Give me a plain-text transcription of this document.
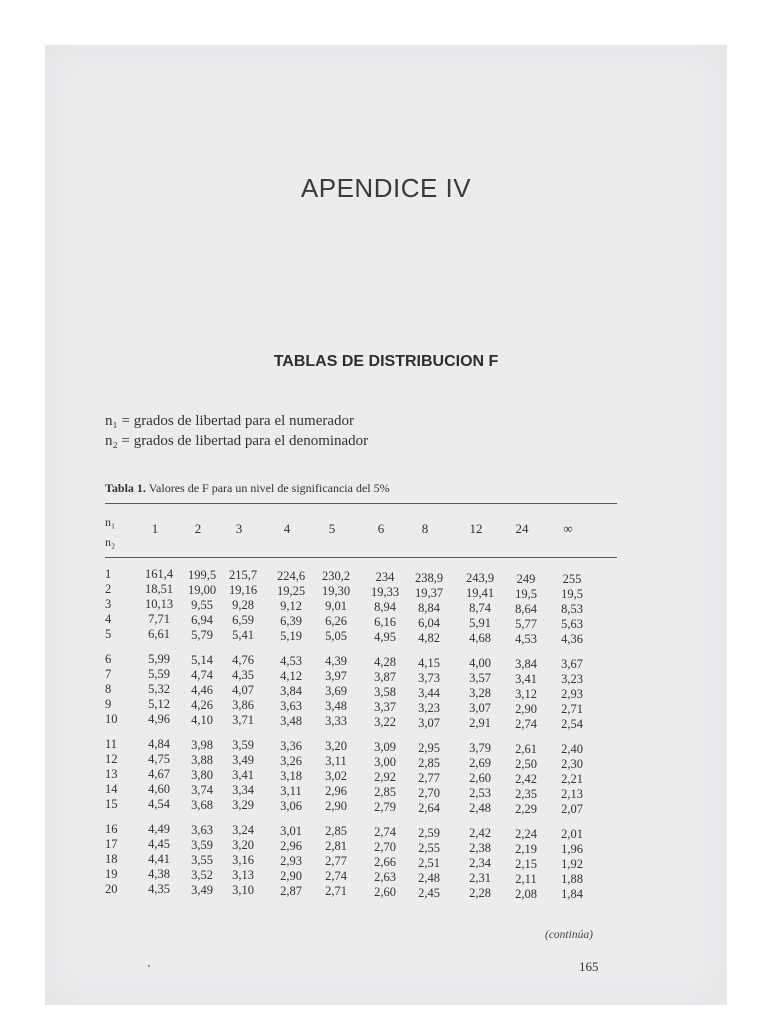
APENDICE IV
TABLAS DE DISTRIBUCION F
n₁ = grados de libertad para el numerador
n₂ = grados de libertad para el denominador
Tabla 1. Valores de F para un nivel de significancia del 5%
n₁
n₂
1	2	3	4	5	6	8	12	24	∞
1	161,4	199,5	215,7	224,6	230,2	234	238,9	243,9	249	255
2	18,51	19,00	19,16	19,25	19,30	19,33	19,37	19,41	19,5	19,5
3	10,13	9,55	9,28	9,12	9,01	8,94	8,84	8,74	8,64	8,53
4	7,71	6,94	6,59	6,39	6,26	6,16	6,04	5,91	5,77	5,63
5	6,61	5,79	5,41	5,19	5,05	4,95	4,82	4,68	4,53	4,36
6	5,99	5,14	4,76	4,53	4,39	4,28	4,15	4,00	3,84	3,67
7	5,59	4,74	4,35	4,12	3,97	3,87	3,73	3,57	3,41	3,23
8	5,32	4,46	4,07	3,84	3,69	3,58	3,44	3,28	3,12	2,93
9	5,12	4,26	3,86	3,63	3,48	3,37	3,23	3,07	2,90	2,71
10	4,96	4,10	3,71	3,48	3,33	3,22	3,07	2,91	2,74	2,54
11	4,84	3,98	3,59	3,36	3,20	3,09	2,95	3,79	2,61	2,40
12	4,75	3,88	3,49	3,26	3,11	3,00	2,85	2,69	2,50	2,30
13	4,67	3,80	3,41	3,18	3,02	2,92	2,77	2,60	2,42	2,21
14	4,60	3,74	3,34	3,11	2,96	2,85	2,70	2,53	2,35	2,13
15	4,54	3,68	3,29	3,06	2,90	2,79	2,64	2,48	2,29	2,07
16	4,49	3,63	3,24	3,01	2,85	2,74	2,59	2,42	2,24	2,01
17	4,45	3,59	3,20	2,96	2,81	2,70	2,55	2,38	2,19	1,96
18	4,41	3,55	3,16	2,93	2,77	2,66	2,51	2,34	2,15	1,92
19	4,38	3,52	3,13	2,90	2,74	2,63	2,48	2,31	2,11	1,88
20	4,35	3,49	3,10	2,87	2,71	2,60	2,45	2,28	2,08	1,84
(continúa)
165
